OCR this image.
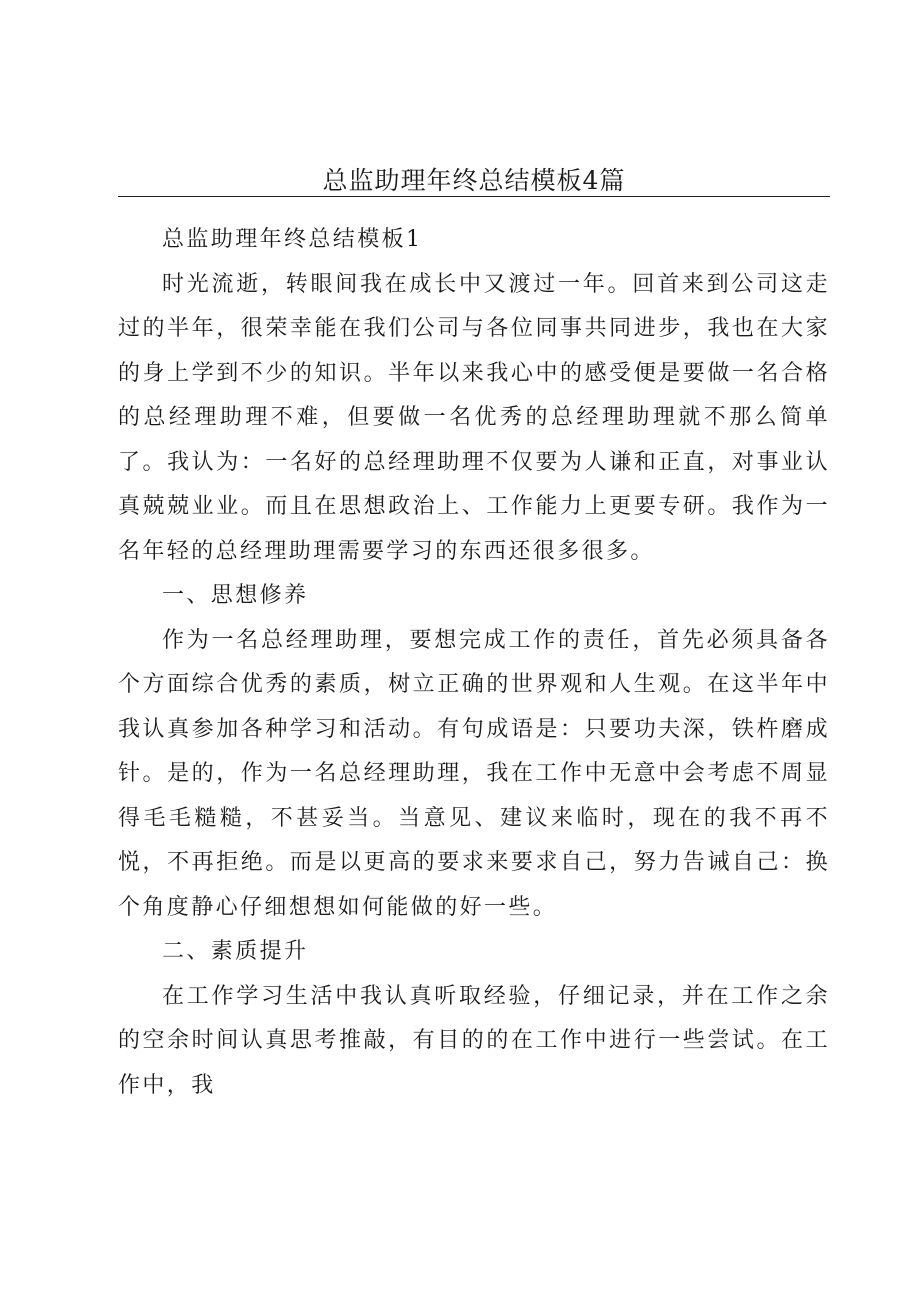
总监助理年终总结模板4篇

总监助理年终总结模板1

时光流逝，转眼间我在成长中又渡过一年。回首来到公司这走过的半年，很荣幸能在我们公司与各位同事共同进步，我也在大家的身上学到不少的知识。半年以来我心中的感受便是要做一名合格的总经理助理不难，但要做一名优秀的总经理助理就不那么简单了。我认为：一名好的总经理助理不仅要为人谦和正直，对事业认真兢兢业业。而且在思想政治上、工作能力上更要专研。我作为一名年轻的总经理助理需要学习的东西还很多很多。

一、思想修养

作为一名总经理助理，要想完成工作的责任，首先必须具备各个方面综合优秀的素质，树立正确的世界观和人生观。在这半年中我认真参加各种学习和活动。有句成语是：只要功夫深，铁杵磨成针。是的，作为一名总经理助理，我在工作中无意中会考虑不周显得毛毛糙糙，不甚妥当。当意见、建议来临时，现在的我不再不悦，不再拒绝。而是以更高的要求来要求自己，努力告诫自己：换个角度静心仔细想想如何能做的好一些。

二、素质提升

在工作学习生活中我认真听取经验，仔细记录，并在工作之余的空余时间认真思考推敲，有目的的在工作中进行一些尝试。在工作中，我
